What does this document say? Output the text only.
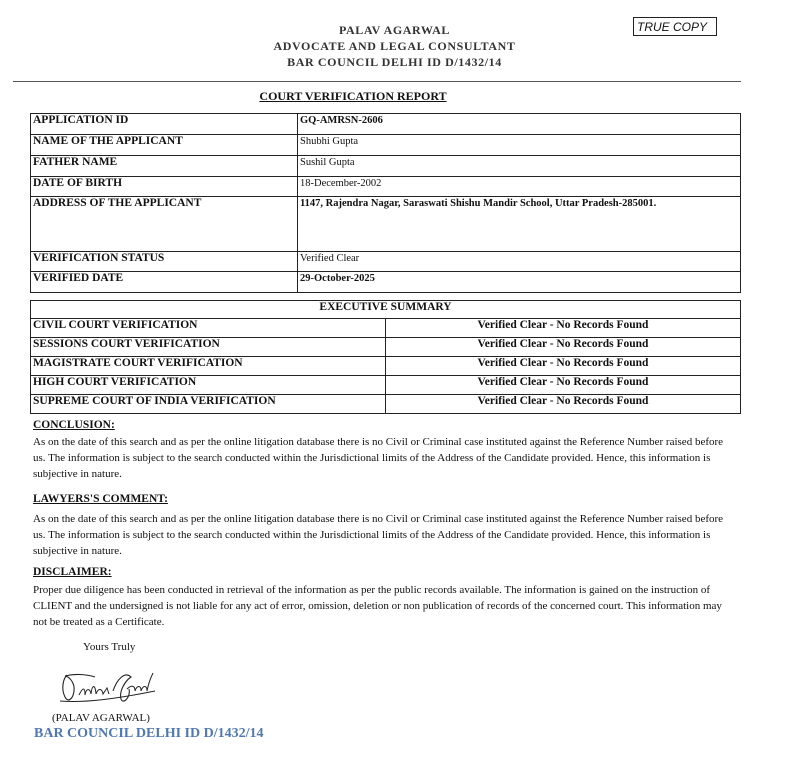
PALAV AGARWAL
ADVOCATE AND LEGAL CONSULTANT
BAR COUNCIL DELHI ID D/1432/14
TRUE COPY
COURT VERIFICATION REPORT
APPLICATION ID	GQ-AMRSN-2606
NAME OF THE APPLICANT	Shubhi Gupta
FATHER NAME	Sushil Gupta
DATE OF BIRTH	18-December-2002
ADDRESS OF THE APPLICANT	1147, Rajendra Nagar, Saraswati Shishu Mandir School, Uttar Pradesh-285001.
VERIFICATION STATUS	Verified Clear
VERIFIED DATE	29-October-2025
EXECUTIVE SUMMARY	
CIVIL COURT VERIFICATION	Verified Clear - No Records Found
SESSIONS COURT VERIFICATION	Verified Clear - No Records Found
MAGISTRATE COURT VERIFICATION	Verified Clear - No Records Found
HIGH COURT VERIFICATION	Verified Clear - No Records Found
SUPREME COURT OF INDIA VERIFICATION	Verified Clear - No Records Found
CONCLUSION:
As on the date of this search and as per the online litigation database there is no Civil or Criminal case instituted against the Reference Number raised before us. The information is subject to the search conducted within the Jurisdictional limits of the Address of the Candidate provided. Hence, this information is subjective in nature.
LAWYERS'S COMMENT:
As on the date of this search and as per the online litigation database there is no Civil or Criminal case instituted against the Reference Number raised before us. The information is subject to the search conducted within the Jurisdictional limits of the Address of the Candidate provided. Hence, this information is subjective in nature.
DISCLAIMER:
Proper due diligence has been conducted in retrieval of the information as per the public records available. The information is gained on the instruction of CLIENT and the undersigned is not liable for any act of error, omission, deletion or non publication of records of the concerned court. This information may not be treated as a Certificate.
Yours Truly
(PALAV AGARWAL)
BAR COUNCIL DELHI ID D/1432/14
